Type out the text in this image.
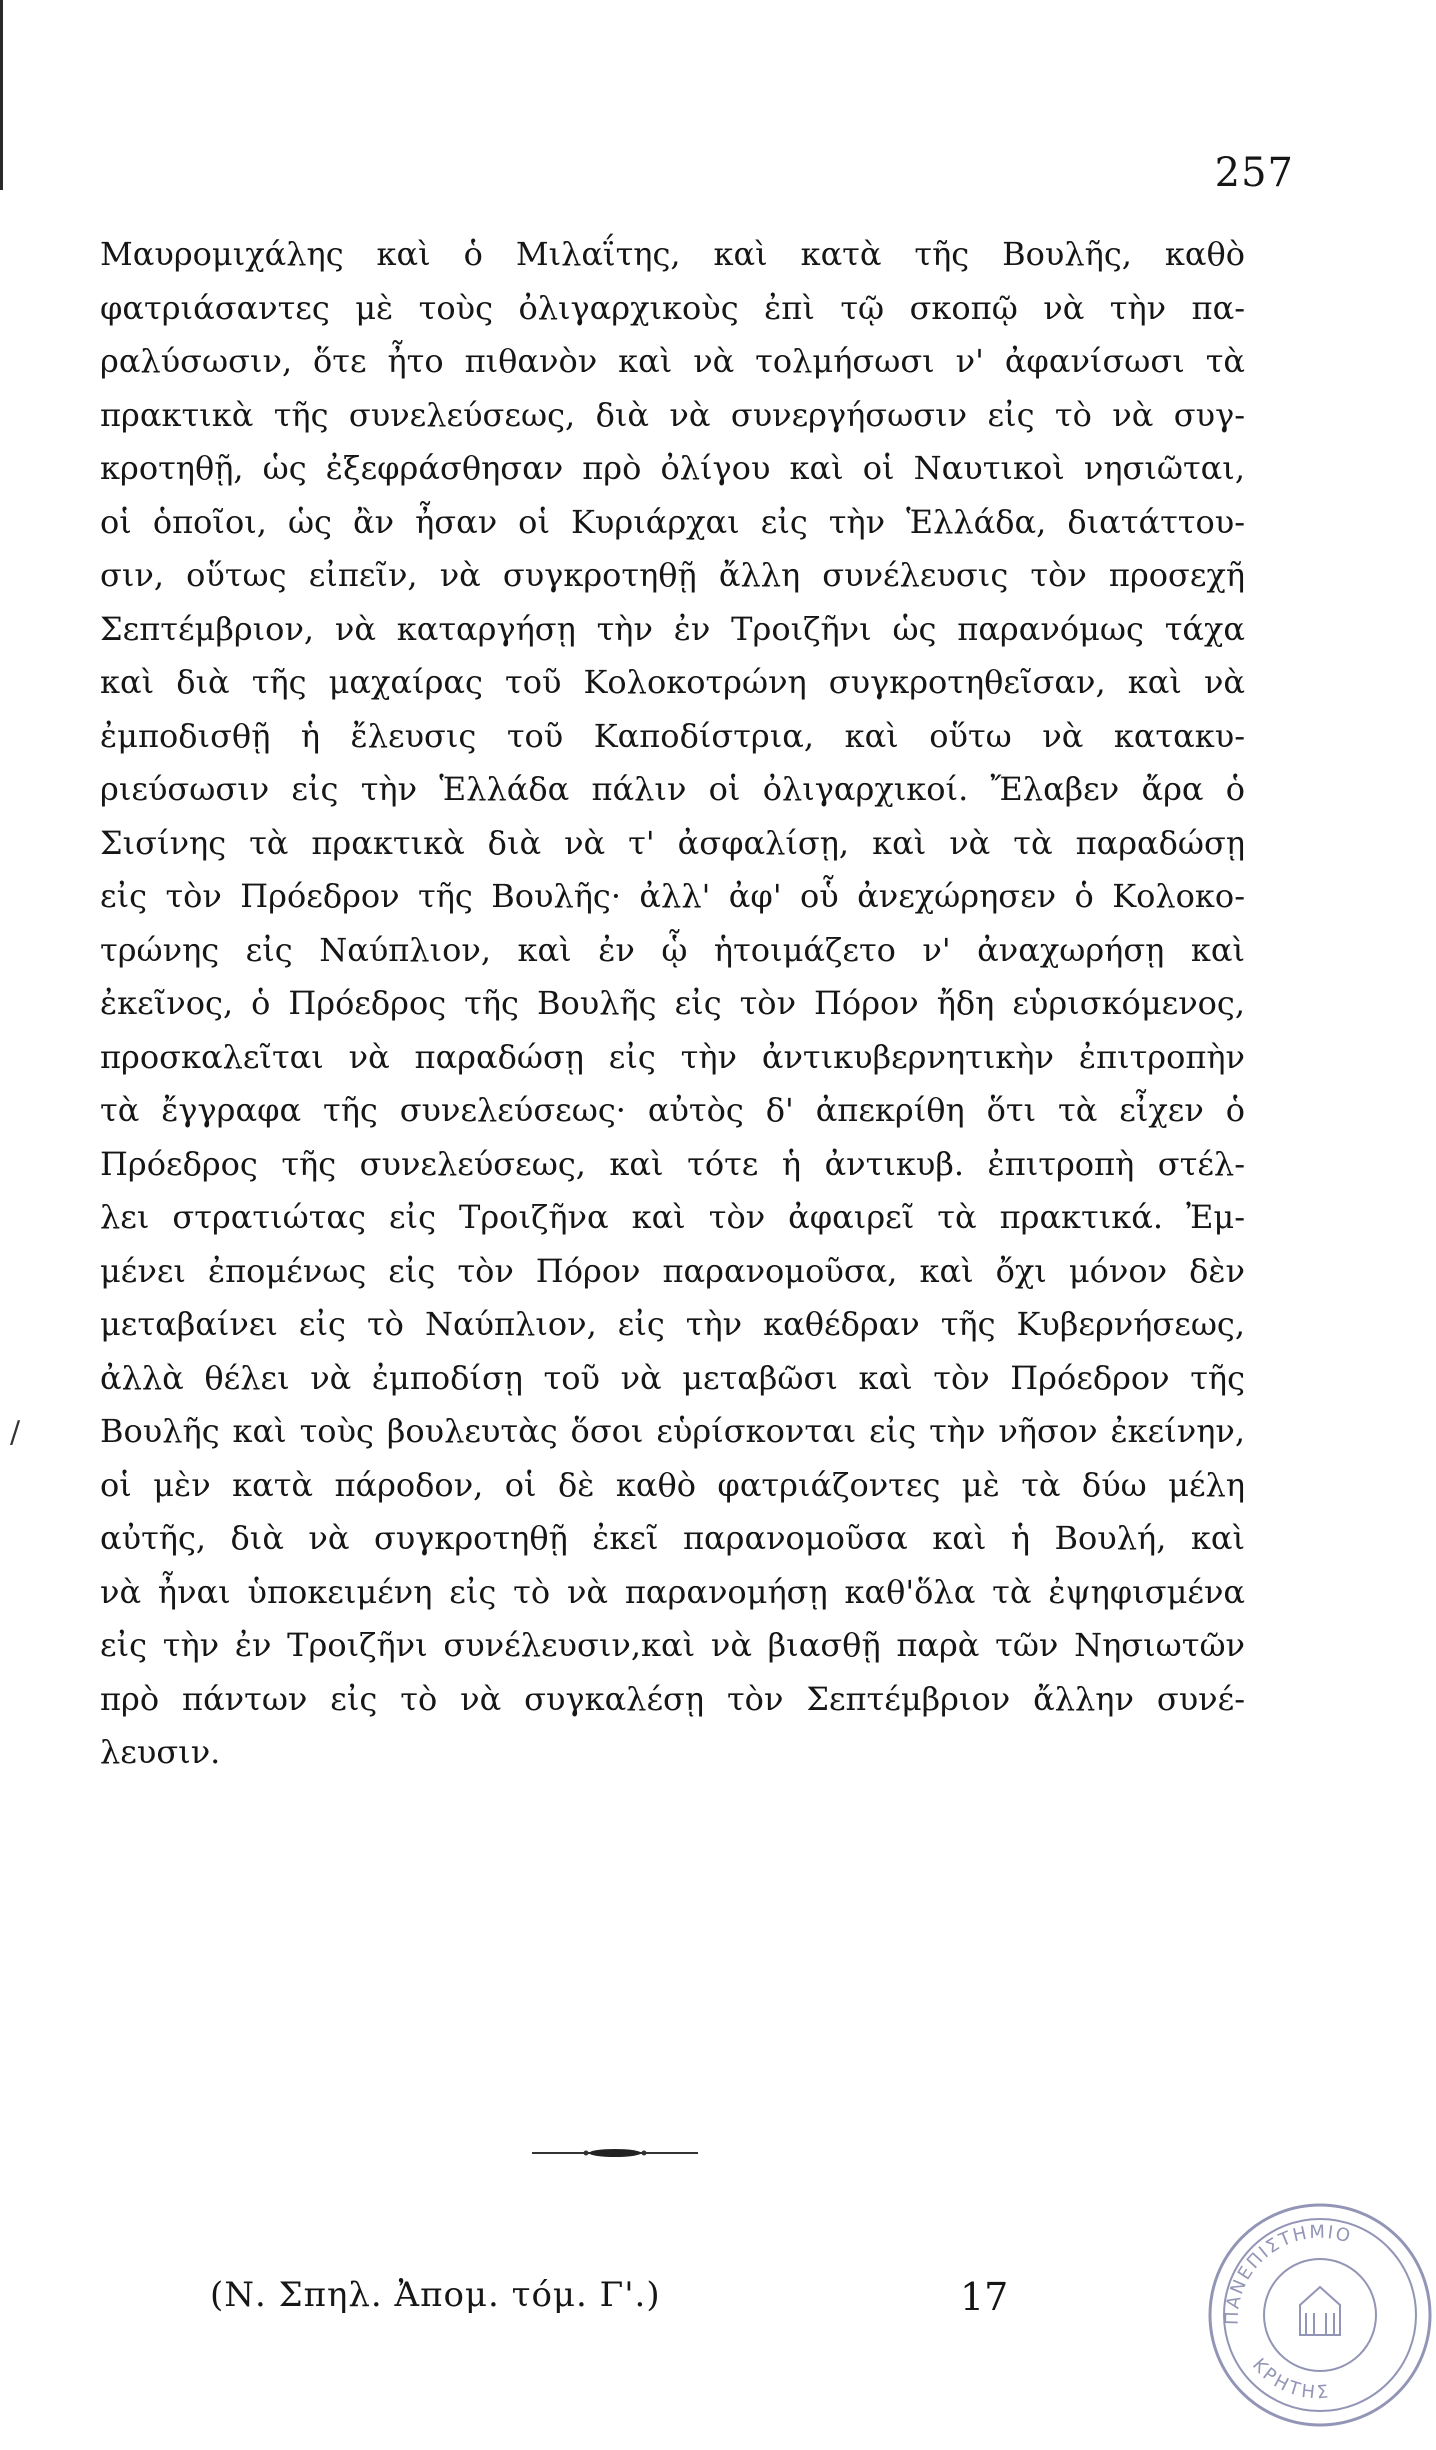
257
/
Μαυρομιχάλης καὶ ὁ Μιλαΐτης, καὶ κατὰ τῆς Βουλῆς, καθὸ
φατριάσαντες μὲ τοὺς ὀλιγαρχικοὺς ἐπὶ τῷ σκοπῷ νὰ τὴν πα-
ραλύσωσιν, ὅτε ἦτο πιθανὸν καὶ νὰ τολμήσωσι ν' ἀφανίσωσι τὰ
πρακτικὰ τῆς συνελεύσεως, διὰ νὰ συνεργήσωσιν εἰς τὸ νὰ συγ-
κροτηθῇ, ὡς ἐξεφράσθησαν πρὸ ὀλίγου καὶ οἱ Ναυτικοὶ νησιῶται,
οἱ ὁποῖοι, ὡς ἂν ἦσαν οἱ Κυριάρχαι εἰς τὴν Ἑλλάδα, διατάττου-
σιν, οὕτως εἰπεῖν, νὰ συγκροτηθῇ ἄλλη συνέλευσις τὸν προσεχῆ
Σεπτέμβριον, νὰ καταργήσῃ τὴν ἐν Τροιζῆνι ὡς παρανόμως τάχα
καὶ διὰ τῆς μαχαίρας τοῦ Κολοκοτρώνη συγκροτηθεῖσαν, καὶ νὰ
ἐμποδισθῇ ἡ ἔλευσις τοῦ Καποδίστρια, καὶ οὕτω νὰ κατακυ-
ριεύσωσιν εἰς τὴν Ἑλλάδα πάλιν οἱ ὀλιγαρχικοί. Ἔλαβεν ἄρα ὁ
Σισίνης τὰ πρακτικὰ διὰ νὰ τ' ἀσφαλίσῃ, καὶ νὰ τὰ παραδώσῃ
εἰς τὸν Πρόεδρον τῆς Βουλῆς· ἀλλ' ἀφ' οὗ ἀνεχώρησεν ὁ Κολοκο-
τρώνης εἰς Ναύπλιον, καὶ ἐν ᾧ ἡτοιμάζετο ν' ἀναχωρήσῃ καὶ
ἐκεῖνος, ὁ Πρόεδρος τῆς Βουλῆς εἰς τὸν Πόρον ἤδη εὑρισκόμενος,
προσκαλεῖται νὰ παραδώσῃ εἰς τὴν ἀντικυβερνητικὴν ἐπιτροπὴν
τὰ ἔγγραφα τῆς συνελεύσεως· αὐτὸς δ' ἀπεκρίθη ὅτι τὰ εἶχεν ὁ
Πρόεδρος τῆς συνελεύσεως, καὶ τότε ἡ ἀντικυβ. ἐπιτροπὴ στέλ-
λει στρατιώτας εἰς Τροιζῆνα καὶ τὸν ἀφαιρεῖ τὰ πρακτικά. Ἐμ-
μένει ἐπομένως εἰς τὸν Πόρον παρανομοῦσα, καὶ ὄχι μόνον δὲν
μεταβαίνει εἰς τὸ Ναύπλιον, εἰς τὴν καθέδραν τῆς Κυβερνήσεως,
ἀλλὰ θέλει νὰ ἐμποδίσῃ τοῦ νὰ μεταβῶσι καὶ τὸν Πρόεδρον τῆς
Βουλῆς καὶ τοὺς βουλευτὰς ὅσοι εὑρίσκονται εἰς τὴν νῆσον ἐκείνην,
οἱ μὲν κατὰ πάροδον, οἱ δὲ καθὸ φατριάζοντες μὲ τὰ δύω μέλη
αὐτῆς, διὰ νὰ συγκροτηθῇ ἐκεῖ παρανομοῦσα καὶ ἡ Βουλή, καὶ
νὰ ἦναι ὑποκειμένη εἰς τὸ νὰ παρανομήσῃ καθ'ὅλα τὰ ἐψηφισμένα
εἰς τὴν ἐν Τροιζῆνι συνέλευσιν,καὶ νὰ βιασθῇ παρὰ τῶν Νησιωτῶν
πρὸ πάντων εἰς τὸ νὰ συγκαλέσῃ τὸν Σεπτέμβριον ἄλλην συνέ-
λευσιν.
(Ν. Σπηλ. Ἀπομ. τόμ. Γ'.)	17	ΠΑΝΕΠΙΣΤΗΜΙΟ
ΚΡΗΤΗΣ
